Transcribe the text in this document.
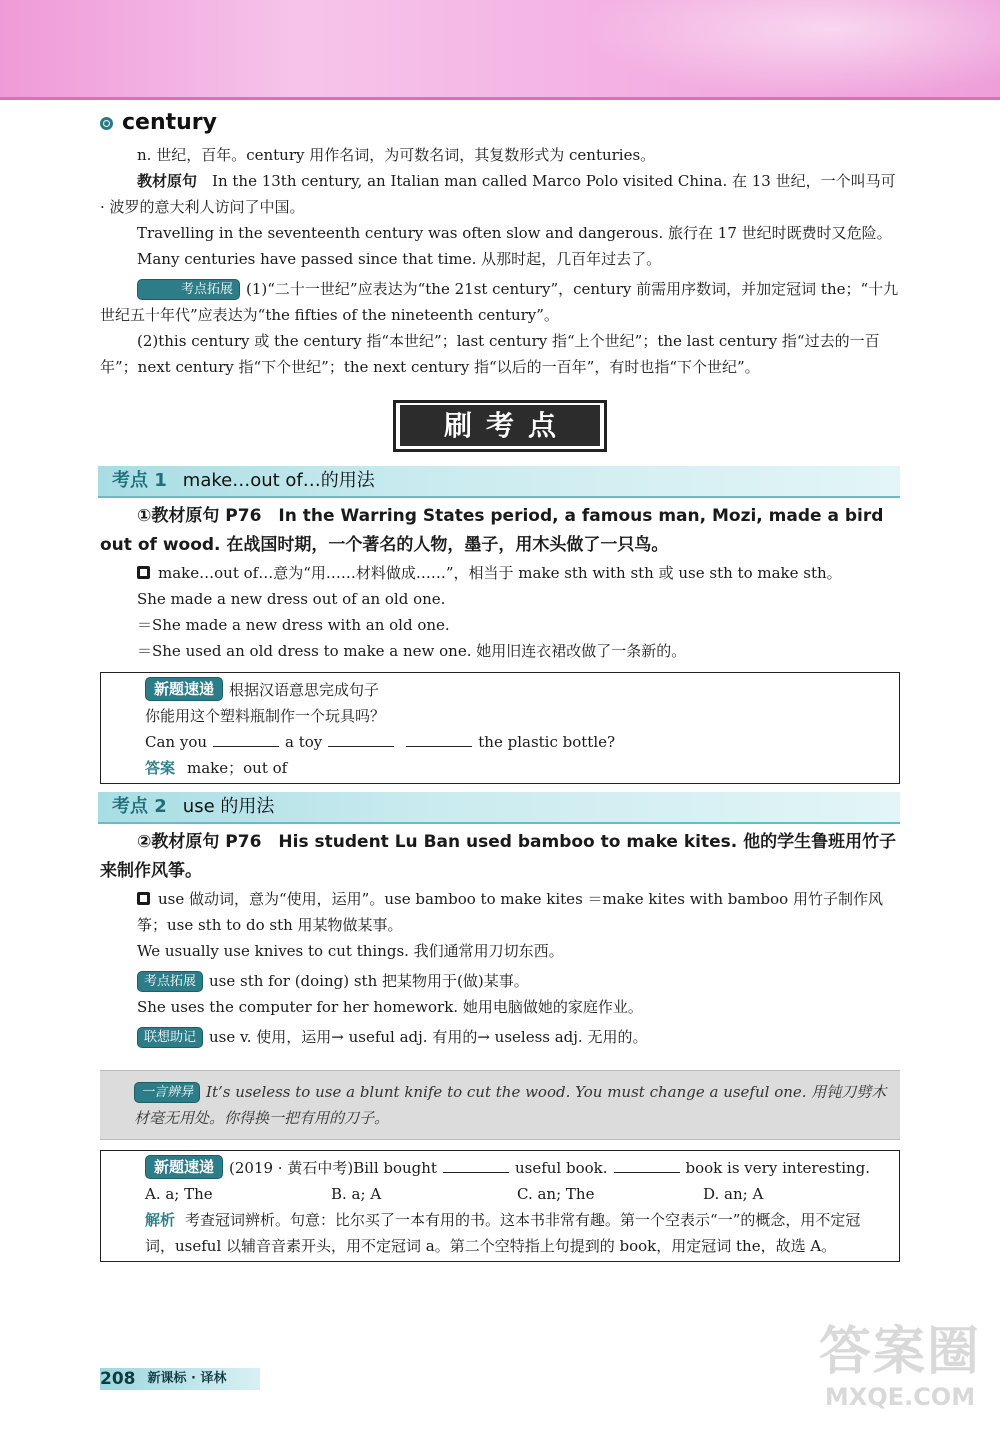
century

n. 世纪，百年。century 用作名词，为可数名词，其复数形式为 centuries。

教材原句　 In the 13th century, an Italian man called Marco Polo visited China. 在 13 世纪，一个叫马可 · 波罗的意大利人访问了中国。

Travelling in the seventeenth century was often slow and dangerous. 旅行在 17 世纪时既费时又危险。

Many centuries have passed since that time. 从那时起，几百年过去了。

考点拓展 (1)“二十一世纪”应表达为“the 21st century”，century 前需用序数词，并加定冠词 the；“十九世纪五十年代”应表达为“the fifties of the nineteenth century”。

(2)this century 或 the century 指“本世纪”；last century 指“上个世纪”；the last century 指“过去的一百年”；next century 指“下个世纪”；the next century 指“以后的一百年”，有时也指“下个世纪”。

刷考点
考点 1 make…out of…的用法

①教材原句 P76　In the Warring States period, a famous man, Mozi, made a bird out of wood. 在战国时期，一个著名的人物，墨子，用木头做了一只鸟。

make…out of…意为“用……材料做成……”，相当于 make sth with sth 或 use sth to make sth。

She made a new dress out of an old one.

＝She made a new dress with an old one.

＝She used an old dress to make a new one. 她用旧连衣裙改做了一条新的。

新题速递 根据汉语意思完成句子

你能用这个塑料瓶制作一个玩具吗？

Can you	a toy	the plastic bottle?

答案 make；out of

考点 2 use 的用法

②教材原句 P76　His student Lu Ban used bamboo to make kites. 他的学生鲁班用竹子来制作风筝。

use 做动词，意为“使用，运用”。use bamboo to make kites ＝make kites with bamboo 用竹子制作风筝；use sth to do sth 用某物做某事。

We usually use knives to cut things. 我们通常用刀切东西。

考点拓展 use sth for (doing) sth 把某物用于(做)某事。

She uses the computer for her homework. 她用电脑做她的家庭作业。

联想助记 use v. 使用，运用→ useful adj. 有用的→ useless adj. 无用的。

一言辨异 It’s useless to use a blunt knife to cut the wood. You must change a useful one. 用钝刀劈木材毫无用处。你得换一把有用的刀子。

新题速递 (2019 · 黄石中考)Bill bought	useful book.	book is very interesting.

A. a; The	B. a; A	C. an; The	D. an; A

解析 考查冠词辨析。句意：比尔买了一本有用的书。这本书非常有趣。第一个空表示“一”的概念，用不定冠词，useful 以辅音音素开头，用不定冠词 a。第二个空特指上句提到的 book，用定冠词 the，故选 A。

208 新课标 · 译林	答案圈
MXQE.COM
